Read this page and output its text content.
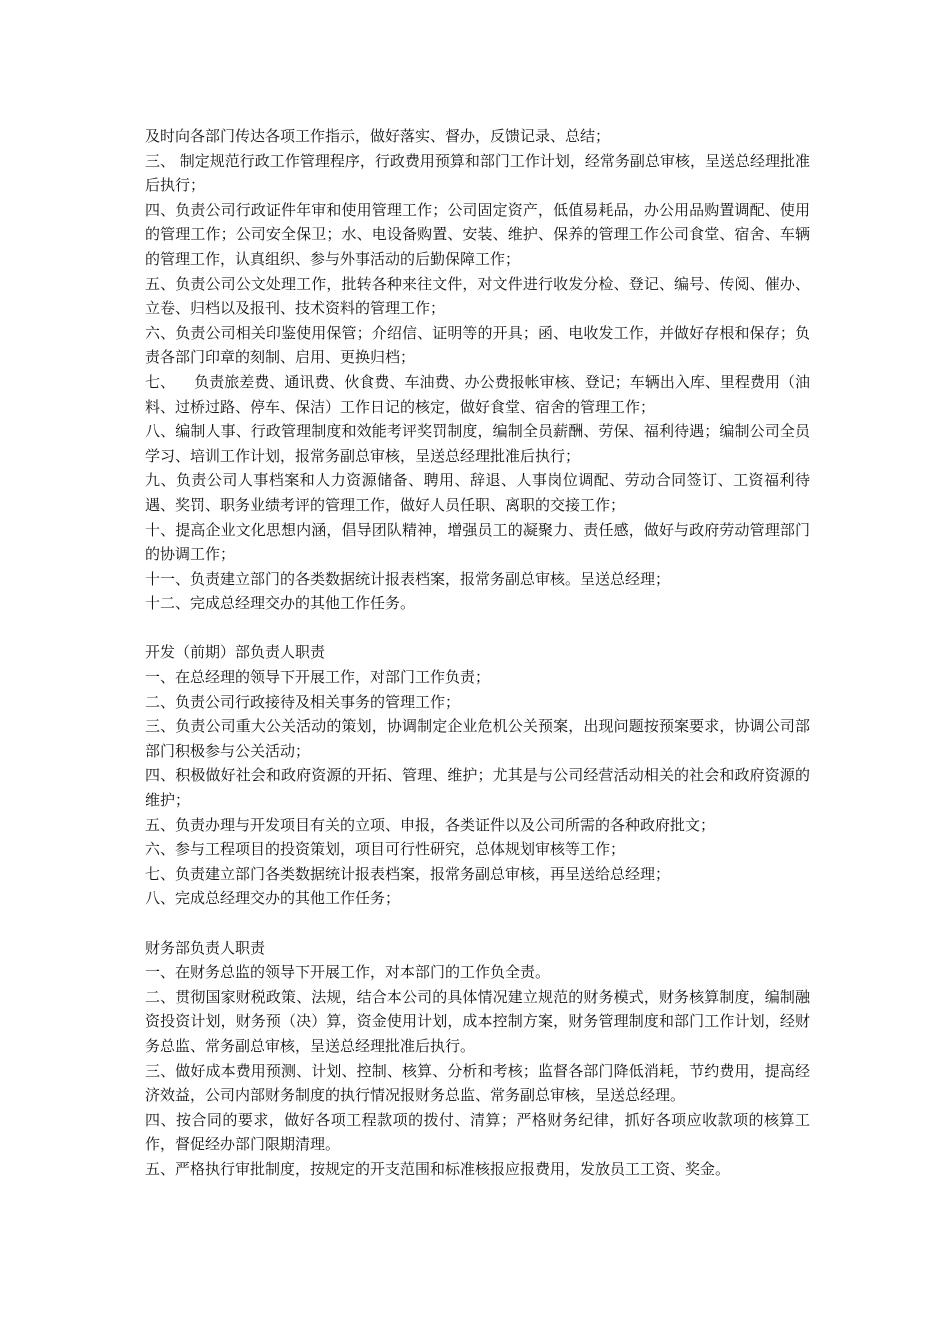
及时向各部门传达各项工作指示，做好落实、督办，反馈记录、总结；

三、 制定规范行政工作管理程序，行政费用预算和部门工作计划，经常务副总审核，呈送总经理批准后执行；

四、负责公司行政证件年审和使用管理工作；公司固定资产，低值易耗品，办公用品购置调配、使用的管理工作；公司安全保卫；水、电设备购置、安装、维护、保养的管理工作公司食堂、宿舍、车辆的管理工作，认真组织、参与外事活动的后勤保障工作；

五、负责公司公文处理工作，批转各种来往文件，对文件进行收发分检、登记、编号、传阅、催办、立卷、归档以及报刊、技术资料的管理工作；

六、负责公司相关印鉴使用保管；介绍信、证明等的开具；函、电收发工作，并做好存根和保存；负责各部门印章的刻制、启用、更换归档；

七、    负责旅差费、通讯费、伙食费、车油费、办公费报帐审核、登记；车辆出入库、里程费用（油料、过桥过路、停车、保洁）工作日记的核定，做好食堂、宿舍的管理工作；

八、编制人事、行政管理制度和效能考评奖罚制度，编制全员薪酬、劳保、福利待遇；编制公司全员学习、培训工作计划，报常务副总审核，呈送总经理批准后执行；

九、负责公司人事档案和人力资源储备、聘用、辞退、人事岗位调配、劳动合同签订、工资福利待遇、奖罚、职务业绩考评的管理工作，做好人员任职、离职的交接工作；

十、提高企业文化思想内涵，倡导团队精神，增强员工的凝聚力、责任感，做好与政府劳动管理部门的协调工作；

十一、负责建立部门的各类数据统计报表档案，报常务副总审核。呈送总经理；

十二、完成总经理交办的其他工作任务。

开发（前期）部负责人职责

一、在总经理的领导下开展工作，对部门工作负责；

二、负责公司行政接待及相关事务的管理工作；

三、负责公司重大公关活动的策划，协调制定企业危机公关预案，出现问题按预案要求，协调公司部部门积极参与公关活动；

四、积极做好社会和政府资源的开拓、管理、维护；尤其是与公司经营活动相关的社会和政府资源的维护；

五、负责办理与开发项目有关的立项、申报，各类证件以及公司所需的各种政府批文；

六、参与工程项目的投资策划，项目可行性研究，总体规划审核等工作；

七、负责建立部门各类数据统计报表档案，报常务副总审核，再呈送给总经理；

八、完成总经理交办的其他工作任务；

财务部负责人职责

一、在财务总监的领导下开展工作，对本部门的工作负全责。

二、贯彻国家财税政策、法规，结合本公司的具体情况建立规范的财务模式，财务核算制度，编制融资投资计划，财务预（决）算，资金使用计划，成本控制方案，财务管理制度和部门工作计划，经财务总监、常务副总审核，呈送总经理批准后执行。

三、做好成本费用预测、计划、控制、核算、分析和考核；监督各部门降低消耗，节约费用，提高经济效益，公司内部财务制度的执行情况报财务总监、常务副总审核，呈送总经理。

四、按合同的要求，做好各项工程款项的拨付、清算；严格财务纪律，抓好各项应收款项的核算工作，督促经办部门限期清理。

五、严格执行审批制度，按规定的开支范围和标准核报应报费用，发放员工工资、奖金。
